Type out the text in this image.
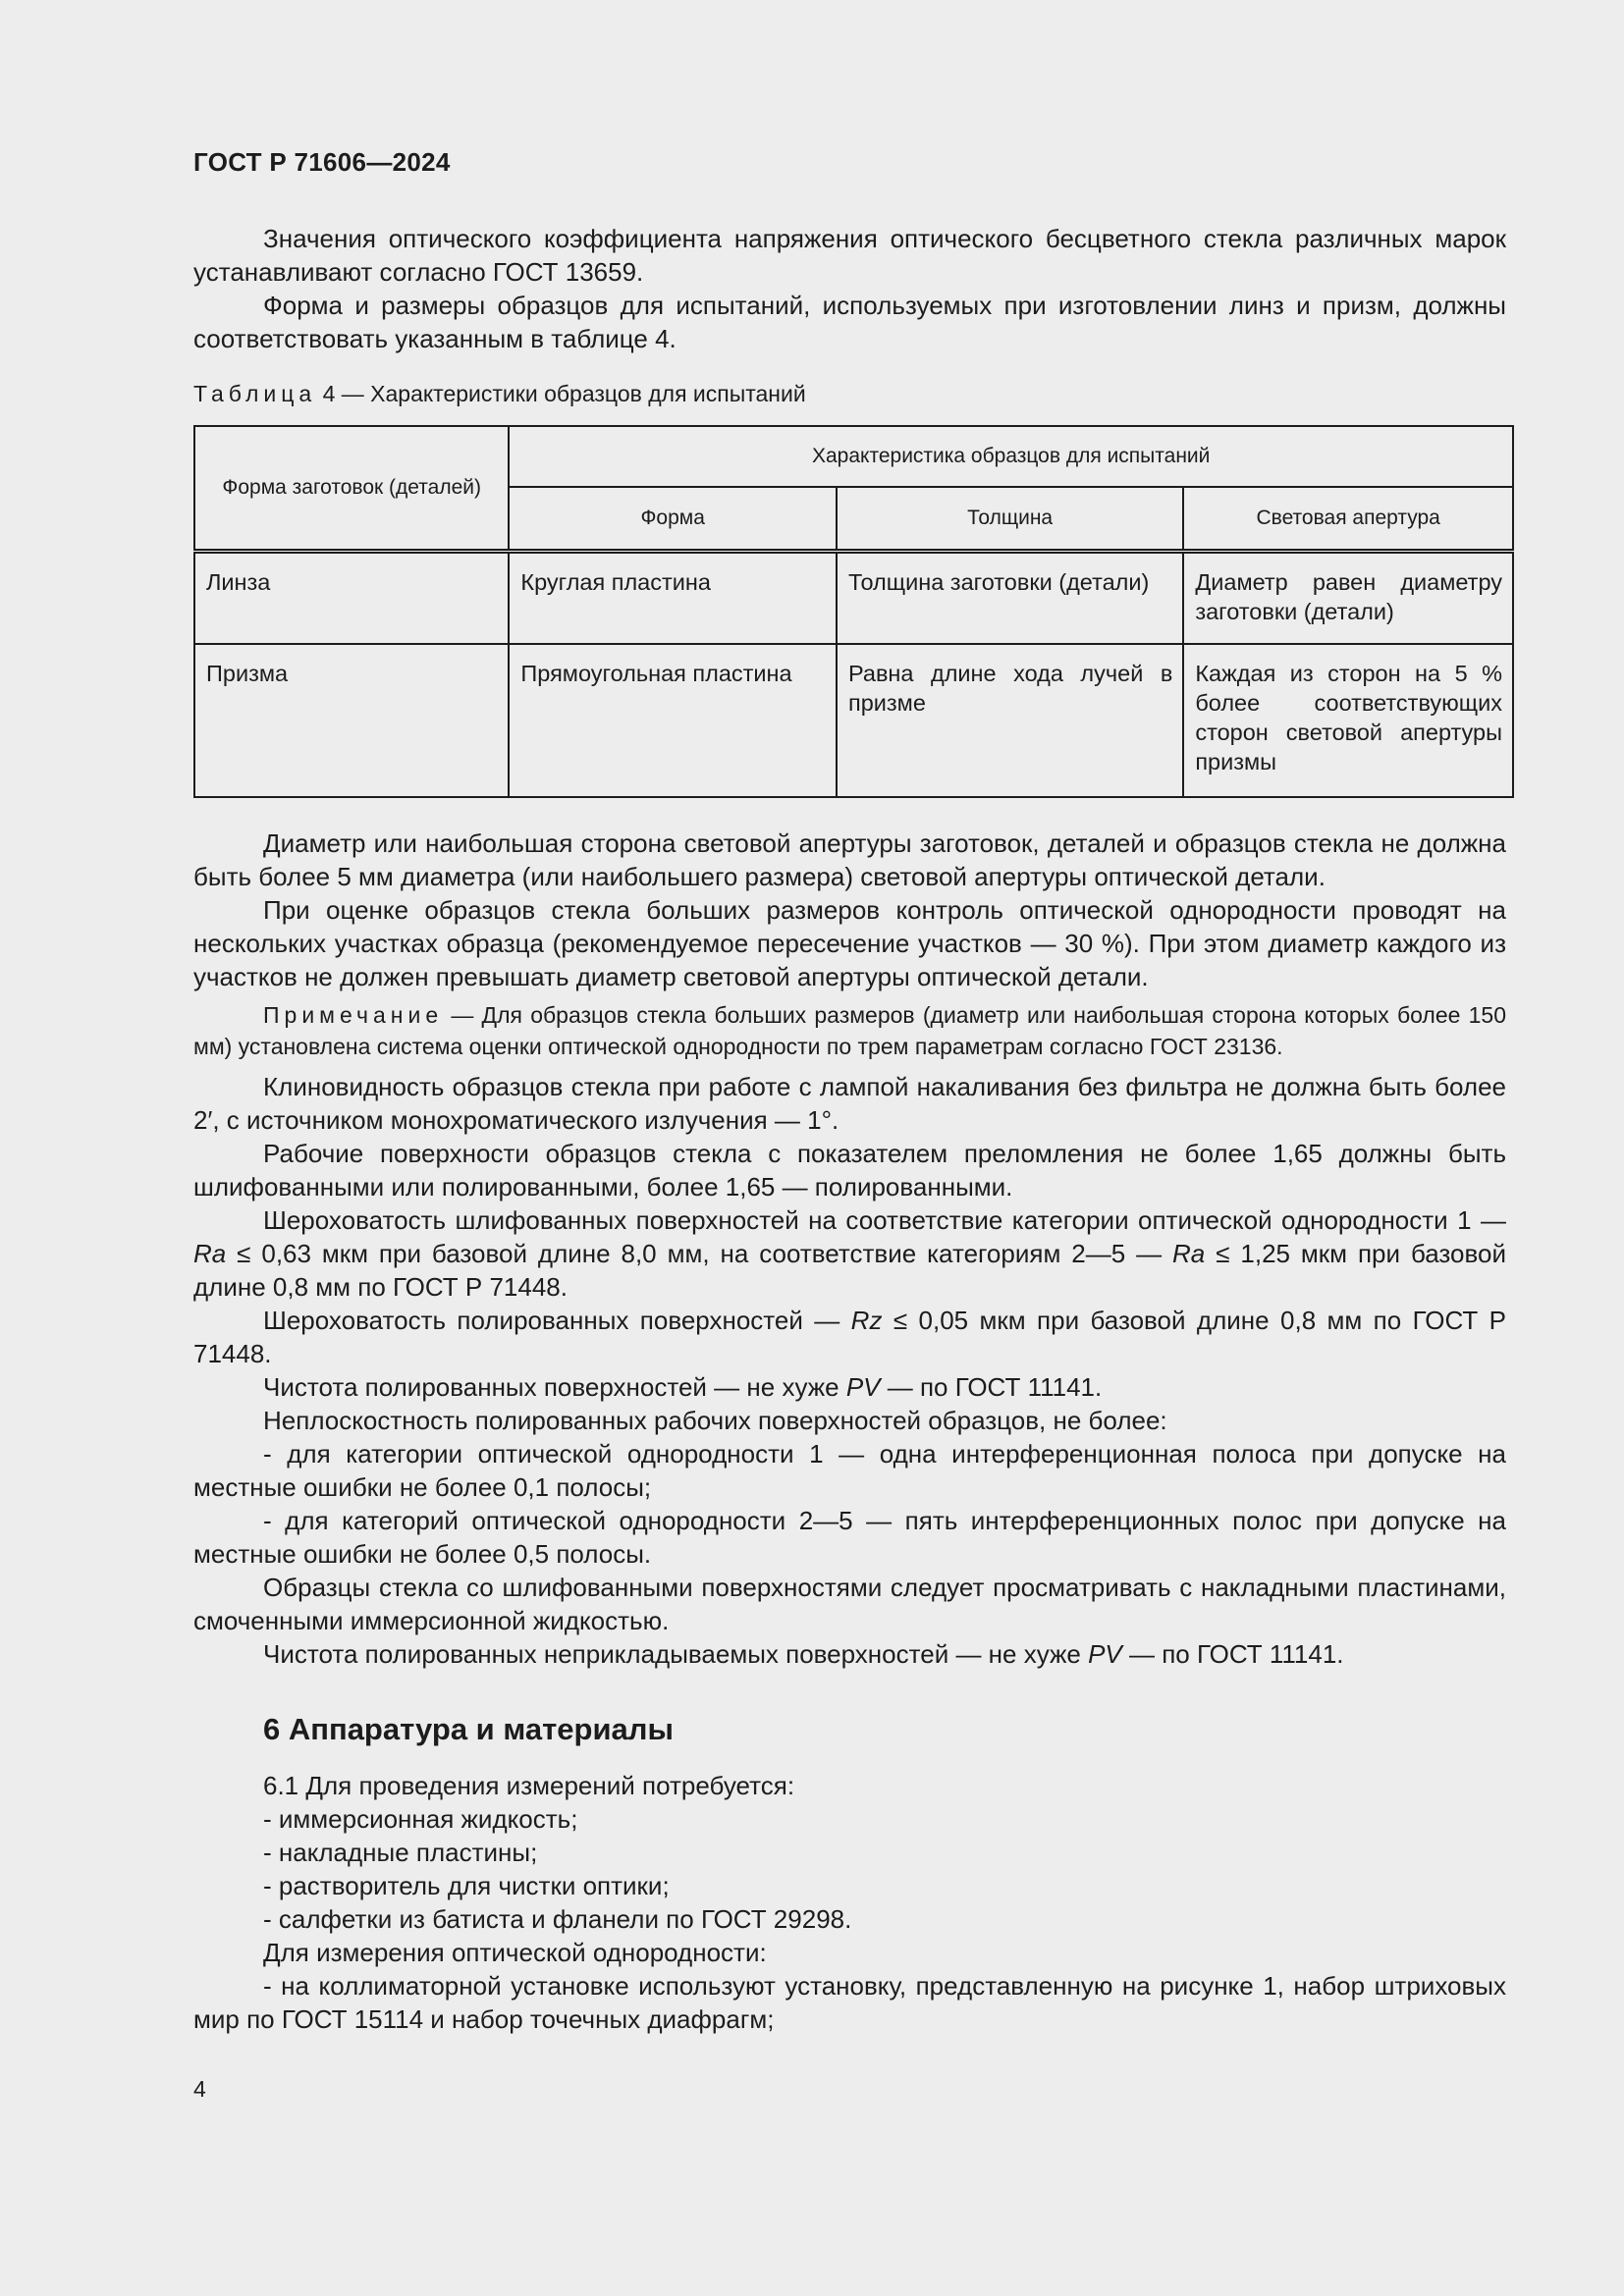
ГОСТ Р 71606—2024

Значения оптического коэффициента напряжения оптического бесцветного стекла различных марок устанавливают согласно ГОСТ 13659.

Форма и размеры образцов для испытаний, используемых при изготовлении линз и призм, должны соответствовать указанным в таблице 4.

Таблица 4 — Характеристики образцов для испытаний
Форма заготовок (деталей)	Характеристика образцов для испытаний		
	Форма	Толщина	Световая апертура
Линза	Круглая пластина	Толщина заготовки (детали)	Диаметр равен диаметру заготовки (детали)
Призма	Прямоугольная пластина	Равна длине хода лучей в призме	Каждая из сторон на 5 % более соответствующих сторон световой апертуры призмы

Диаметр или наибольшая сторона световой апертуры заготовок, деталей и образцов стекла не должна быть более 5 мм диаметра (или наибольшего размера) световой апертуры оптической детали.

При оценке образцов стекла больших размеров контроль оптической однородности проводят на нескольких участках образца (рекомендуемое пересечение участков — 30 %). При этом диаметр каждого из участков не должен превышать диаметр световой апертуры оптической детали.

Примечание — Для образцов стекла больших размеров (диаметр или наибольшая сторона которых более 150 мм) установлена система оценки оптической однородности по трем параметрам согласно ГОСТ 23136.

Клиновидность образцов стекла при работе с лампой накаливания без фильтра не должна быть более 2′, с источником монохроматического излучения — 1°.

Рабочие поверхности образцов стекла с показателем преломления не более 1,65 должны быть шлифованными или полированными, более 1,65 — полированными.

Шероховатость шлифованных поверхностей на соответствие категории оптической однородности 1 — Ra ≤ 0,63 мкм при базовой длине 8,0 мм, на соответствие категориям 2—5 — Ra ≤ 1,25 мкм при базовой длине 0,8 мм по ГОСТ Р 71448.

Шероховатость полированных поверхностей — Rz ≤ 0,05 мкм при базовой длине 0,8 мм по ГОСТ Р 71448.

Чистота полированных поверхностей — не хуже PV — по ГОСТ 11141.

Неплоскостность полированных рабочих поверхностей образцов, не более:

- для категории оптической однородности 1 — одна интерференционная полоса при допуске на местные ошибки не более 0,1 полосы;

- для категорий оптической однородности 2—5 — пять интерференционных полос при допуске на местные ошибки не более 0,5 полосы.

Образцы стекла со шлифованными поверхностями следует просматривать с накладными пластинами, смоченными иммерсионной жидкостью.

Чистота полированных неприкладываемых поверхностей — не хуже PV — по ГОСТ 11141.

6 Аппаратура и материалы

6.1 Для проведения измерений потребуется:

- иммерсионная жидкость;

- накладные пластины;

- растворитель для чистки оптики;

- салфетки из батиста и фланели по ГОСТ 29298.

Для измерения оптической однородности:

- на коллиматорной установке используют установку, представленную на рисунке 1, набор штриховых мир по ГОСТ 15114 и набор точечных диафрагм;

4
